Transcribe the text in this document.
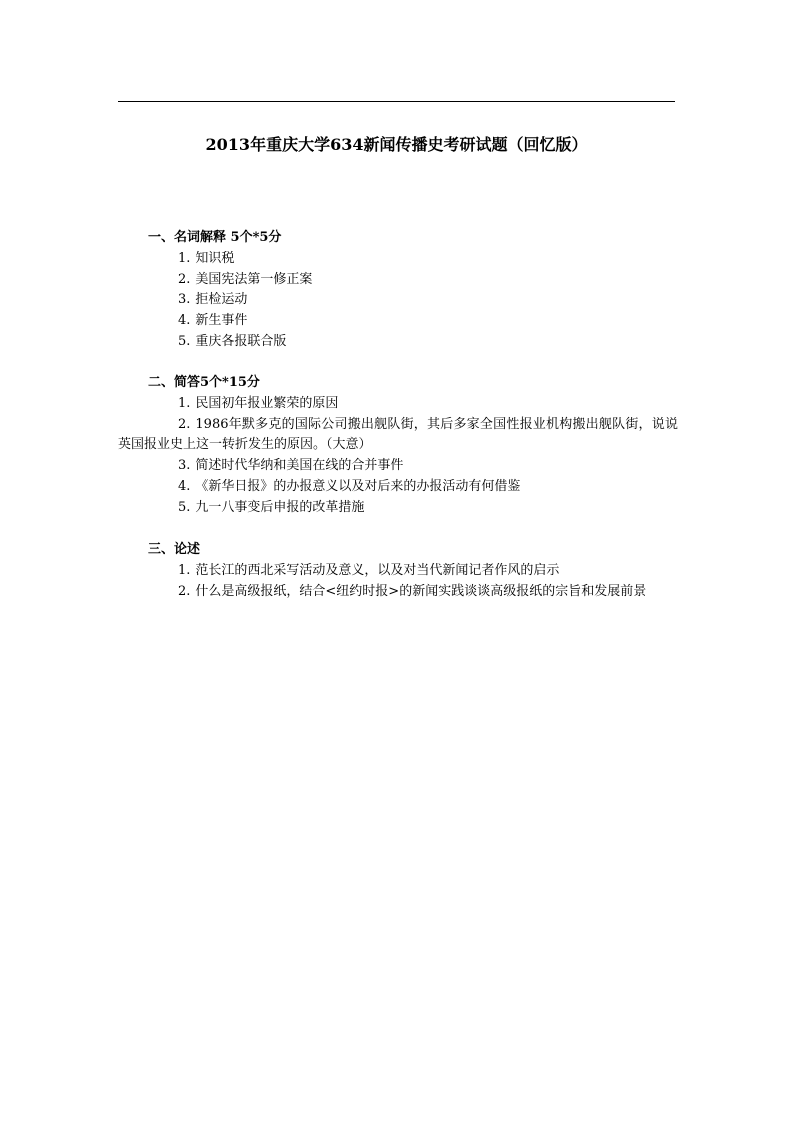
2013年重庆大学634新闻传播史考研试题（回忆版）
一、名词解释 5个*5分
1. 知识税
2. 美国宪法第一修正案
3. 拒检运动
4. 新生事件
5. 重庆各报联合版
二、简答5个*15分
1. 民国初年报业繁荣的原因
2. 1986年默多克的国际公司搬出舰队街，其后多家全国性报业机构搬出舰队街，说说英国报业史上这一转折发生的原因。（大意）
3. 简述时代华纳和美国在线的合并事件
4. 《新华日报》的办报意义以及对后来的办报活动有何借鉴
5. 九一八事变后申报的改革措施
三、论述
1. 范长江的西北采写活动及意义，以及对当代新闻记者作风的启示
2. 什么是高级报纸，结合<纽约时报>的新闻实践谈谈高级报纸的宗旨和发展前景
